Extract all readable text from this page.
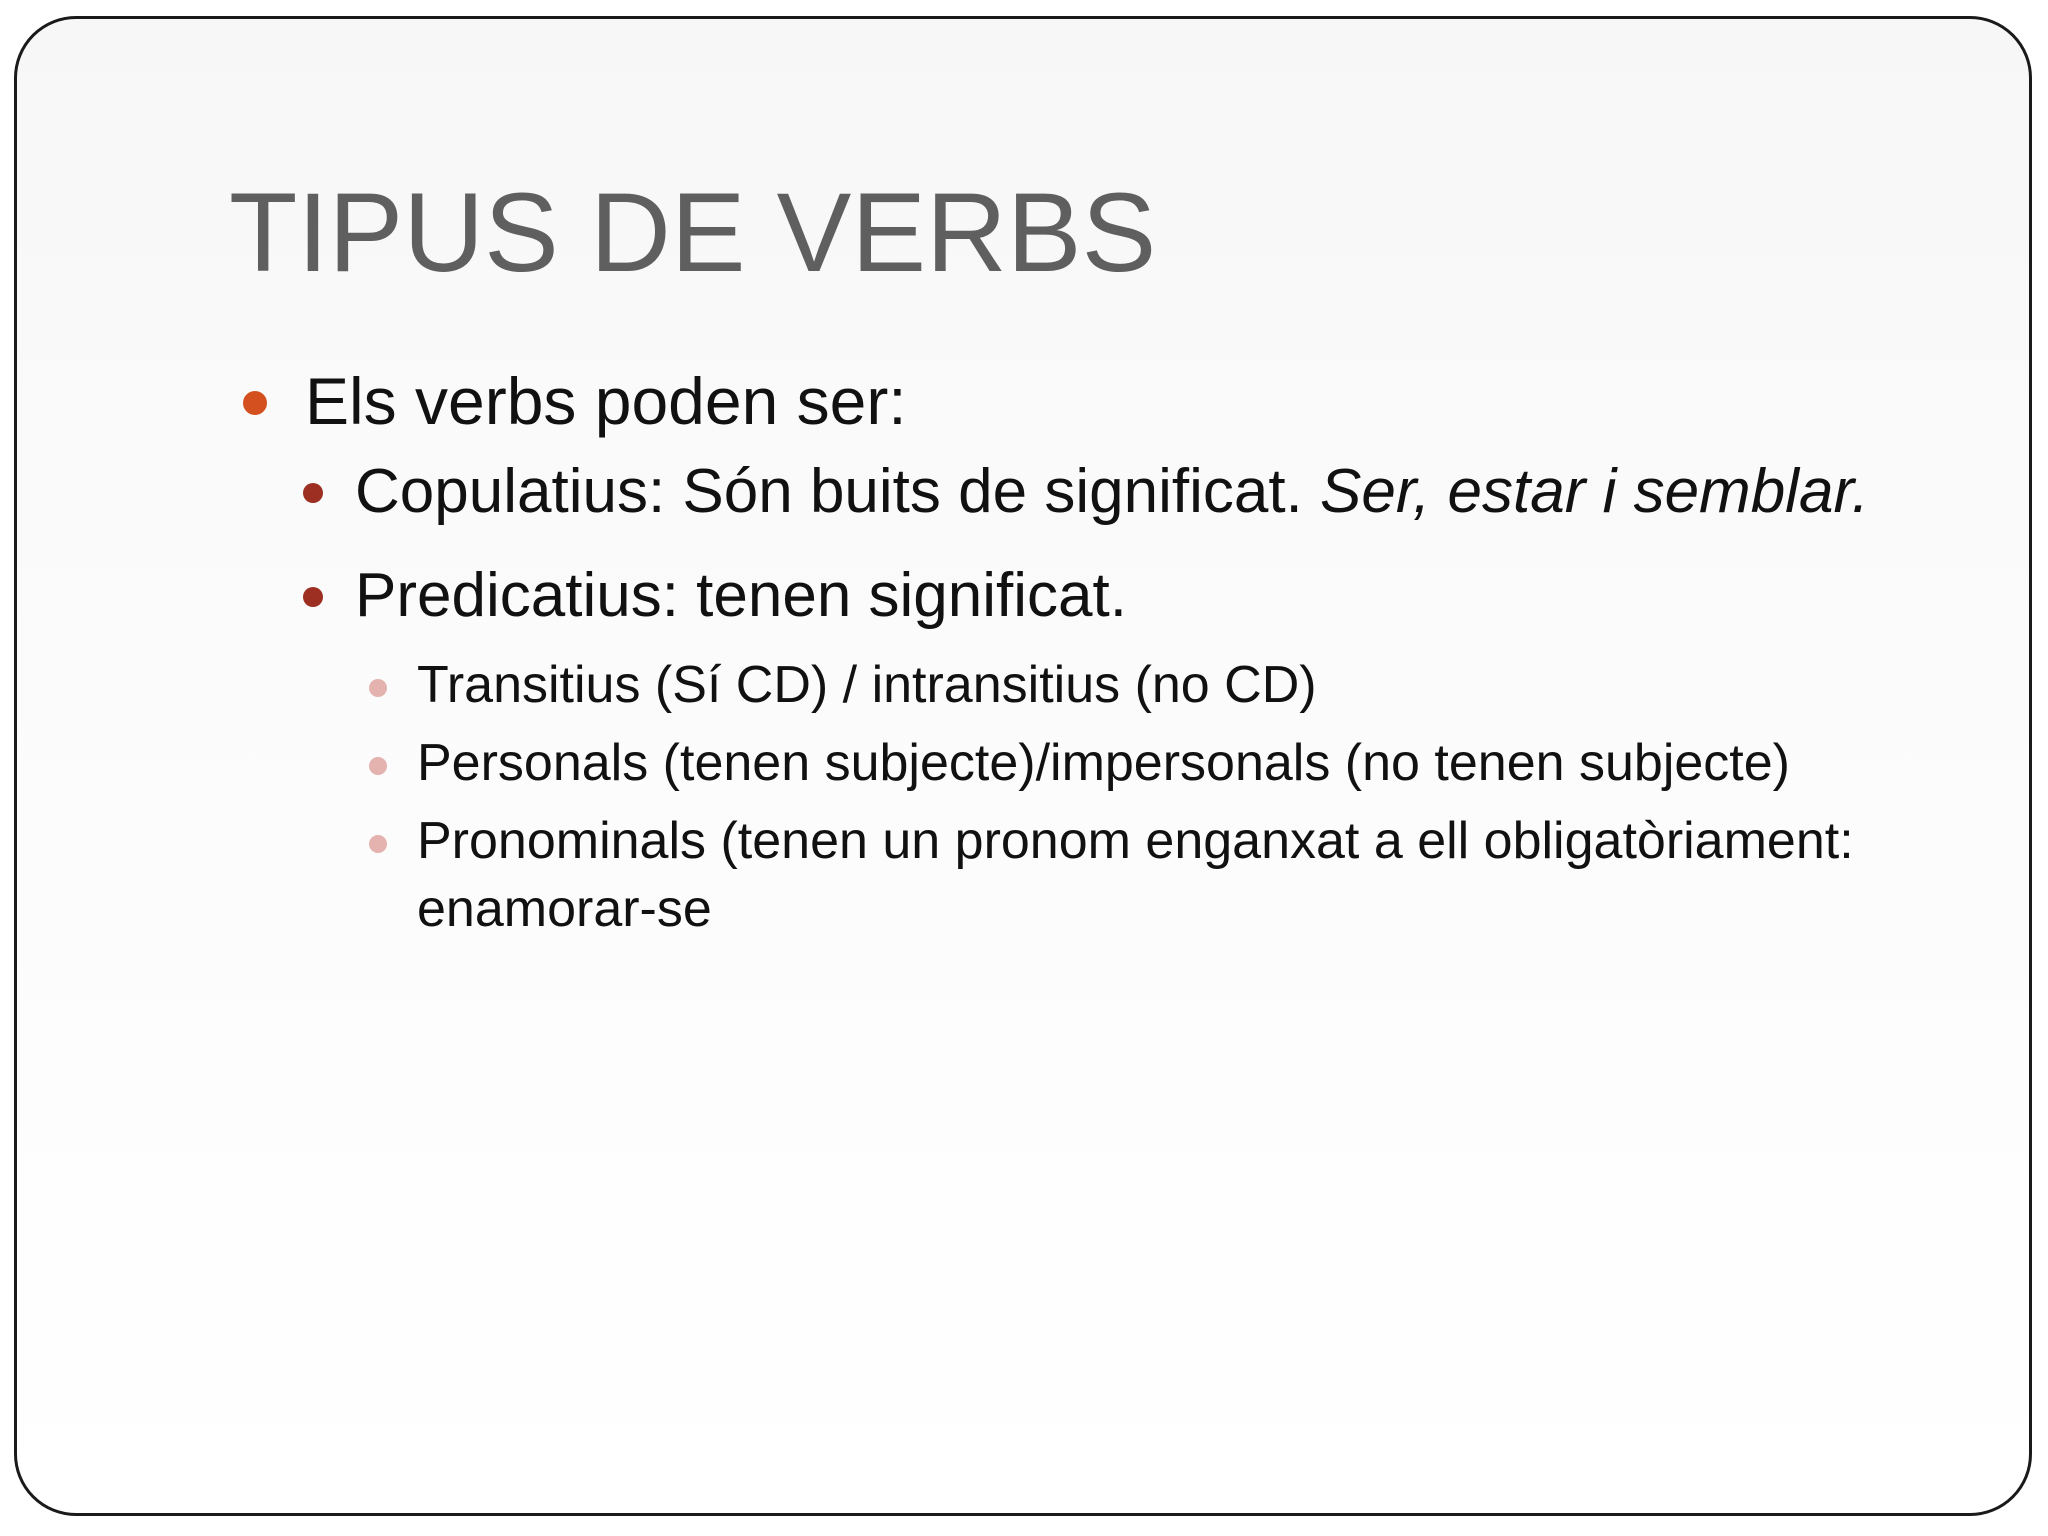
TIPUS DE VERBS
Els verbs poden ser:
Copulatius: Són buits de significat. Ser, estar i semblar.
Predicatius: tenen significat.
Transitius (Sí CD) / intransitius (no CD)
Personals (tenen subjecte)/impersonals (no tenen subjecte)
Pronominals (tenen un pronom enganxat a ell obligatòriament: enamorar-se
